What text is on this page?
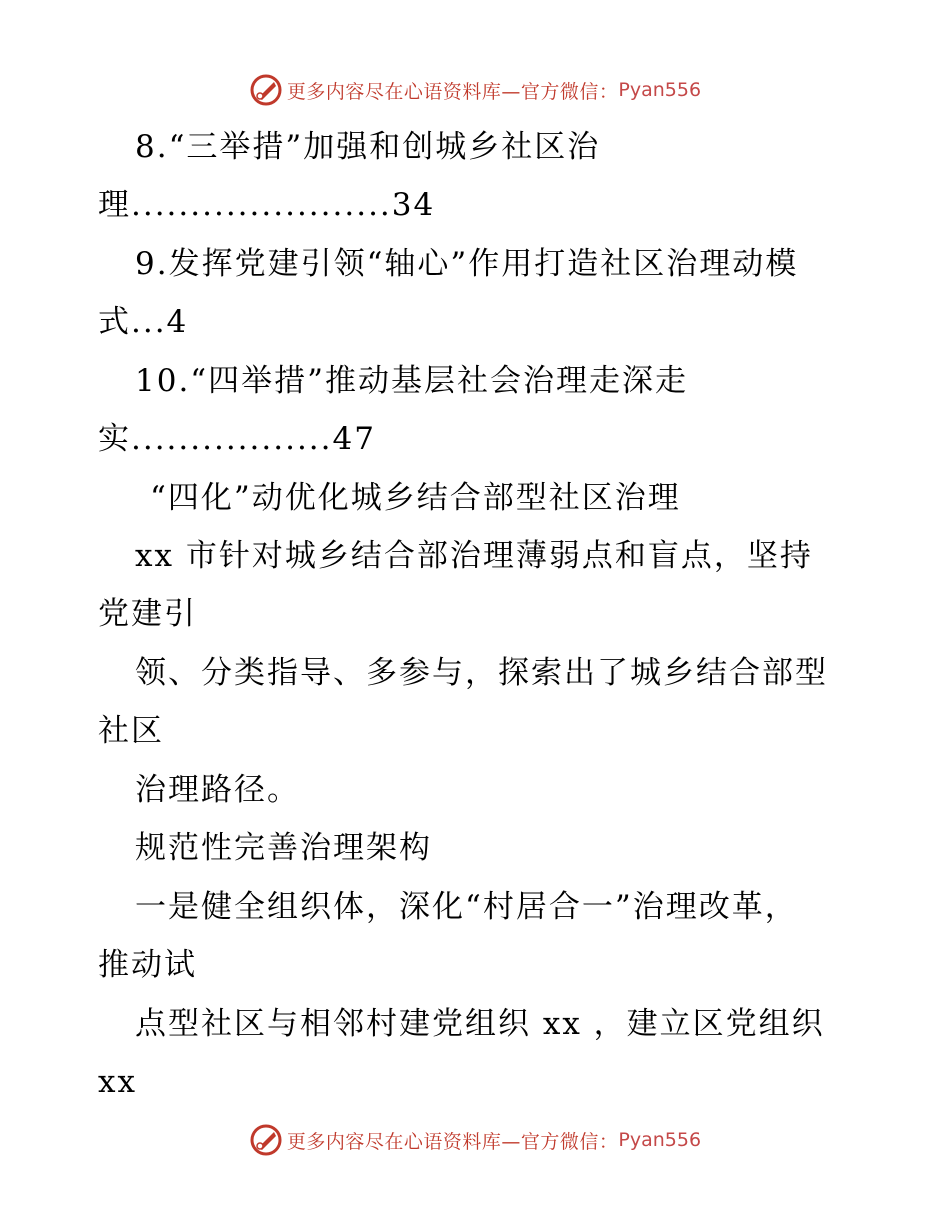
更多内容尽在心语资料库—官方微信： Pyan556
8.“三举措”加强和创城乡社区治
理......................34
9.发挥党建引领“轴心”作用打造社区治理动模
式...4
10.“四举措”推动基层社会治理走深走
实.................47
“四化”动优化城乡结合部型社区治理
xx 市针对城乡结合部治理薄弱点和盲点，坚持
党建引
领、分类指导、多参与，探索出了城乡结合部型
社区
治理路径。
规范性完善治理架构
一是健全组织体，深化“村居合一”治理改革，
推动试
点型社区与相邻村建党组织 xx ，建立区党组织
xx
更多内容尽在心语资料库—官方微信： Pyan556
